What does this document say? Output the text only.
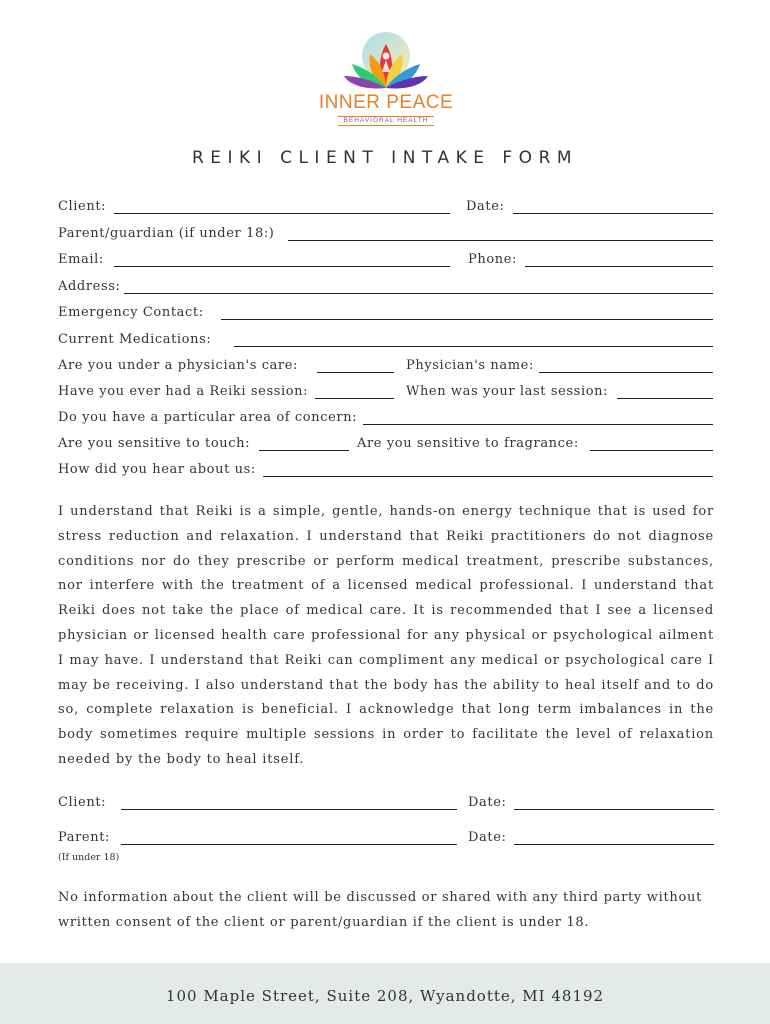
INNER PEACE
BEHAVIORAL HEALTH
REIKI CLIENT INTAKE FORM
Client:	Date:
Parent/guardian (if under 18:)
Email:	Phone:
Address:
Emergency Contact:
Current Medications:
Are you under a physician's care:	Physician's name:
Have you ever had a Reiki session:	When was your last session:
Do you have a particular area of concern:
Are you sensitive to touch:	Are you sensitive to fragrance:
How did you hear about us:
I understand that Reiki is a simple, gentle, hands-on energy technique that is used for stress reduction and relaxation. I understand that Reiki practitioners do not diagnose conditions nor do they prescribe or perform medical treatment, prescribe substances, nor interfere with the treatment of a licensed medical professional. I understand that Reiki does not take the place of medical care. It is recommended that I see a licensed physician or licensed health care professional for any physical or psychological ailment I may have. I understand that Reiki can compliment any medical or psychological care I may be receiving. I also understand that the body has the ability to heal itself and to do so, complete relaxation is beneficial. I acknowledge that long term imbalances in the body sometimes require multiple sessions in order to facilitate the level of relaxation needed by the body to heal itself.
Client:	Date:
Parent:	Date:
(If under 18)
No information about the client will be discussed or shared with any third party without written consent of the client or parent/guardian if the client is under 18.
100 Maple Street, Suite 208, Wyandotte, MI 48192
